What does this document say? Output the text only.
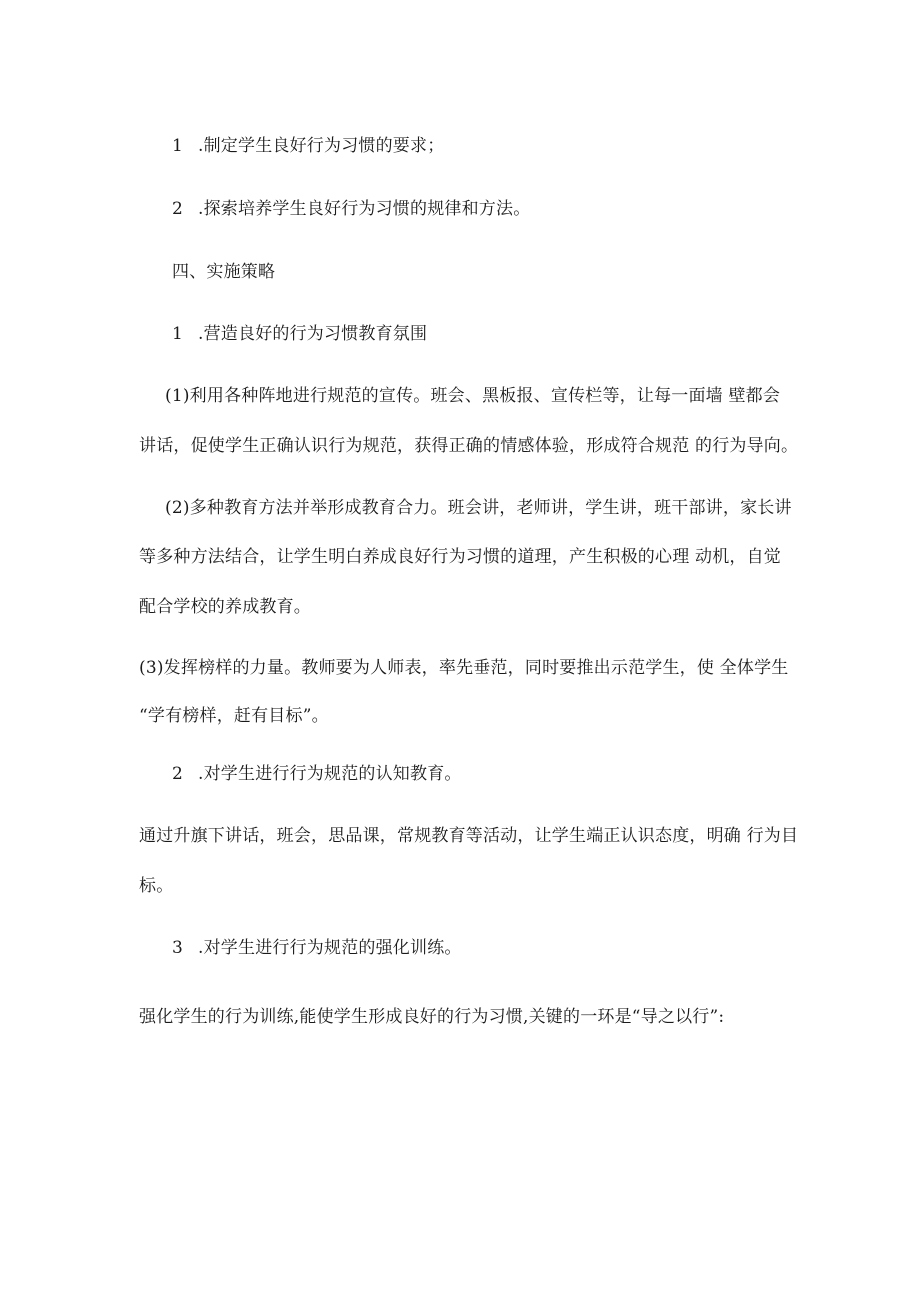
1 .制定学生良好行为习惯的要求；
2 .探索培养学生良好行为习惯的规律和方法。
四、实施策略
1 .营造良好的行为习惯教育氛围
(1)利用各种阵地进行规范的宣传。班会、黑板报、宣传栏等，让每一面墙 壁都会
讲话，促使学生正确认识行为规范，获得正确的情感体验，形成符合规范 的行为导向。
(2)多种教育方法并举形成教育合力。班会讲，老师讲，学生讲，班干部讲，家长讲
等多种方法结合，让学生明白养成良好行为习惯的道理，产生积极的心理 动机，自觉
配合学校的养成教育。
(3)发挥榜样的力量。教师要为人师表，率先垂范，同时要推出示范学生，使 全体学生
“学有榜样，赶有目标”。
2 .对学生进行行为规范的认知教育。
通过升旗下讲话，班会，思品课，常规教育等活动，让学生端正认识态度，明确 行为目
标。
3 .对学生进行行为规范的强化训练。
强化学生的行为训练,能使学生形成良好的行为习惯,关键的一环是“导之以行”:
